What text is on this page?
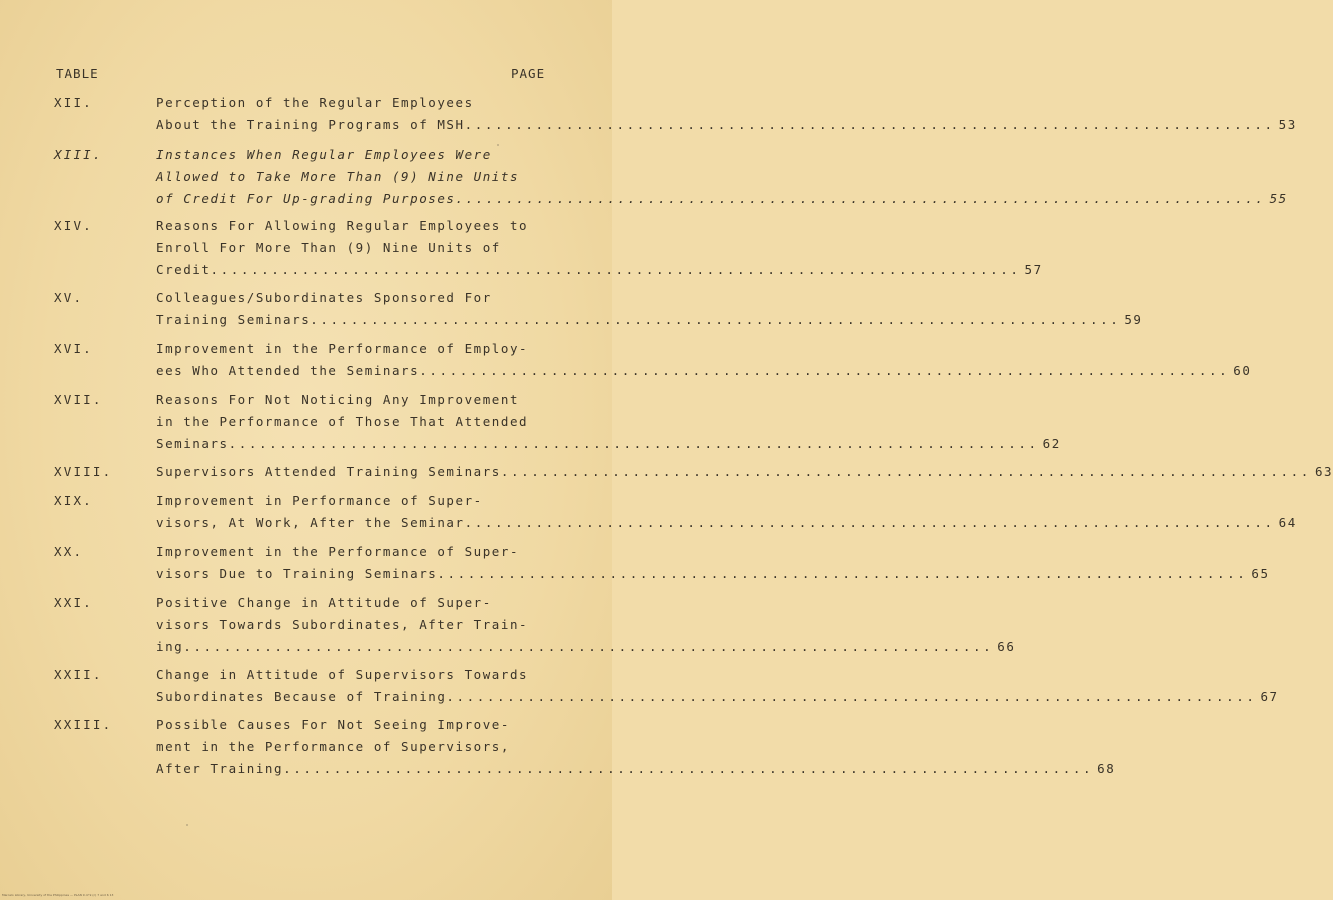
TABLE	PAGE
XII.	Perception of the Regular Employees
About the Training Programs of MSH ................................................................................ 53
XIII.	Instances When Regular Employees Were
Allowed to Take More Than (9) Nine Units
of Credit For Up-grading Purposes ................................................................................ 55
XIV.	Reasons For Allowing Regular Employees to
Enroll For More Than (9) Nine Units of
Credit ................................................................................ 57
XV.	Colleagues/Subordinates Sponsored For
Training Seminars ................................................................................ 59
XVI.	Improvement in the Performance of Employ-
ees Who Attended the Seminars ................................................................................ 60
XVII.	Reasons For Not Noticing Any Improvement
in the Performance of Those That Attended
Seminars ................................................................................ 62
XVIII.	Supervisors Attended Training Seminars ................................................................................ 63
XIX.	Improvement in Performance of Super-
visors, At Work, After the Seminar ................................................................................ 64
XX.	Improvement in the Performance of Super-
visors Due to Training Seminars ................................................................................ 65
XXI.	Positive Change in Attitude of Super-
visors Towards Subordinates, After Train-
ing ................................................................................ 66
XXII.	Change in Attitude of Supervisors Towards
Subordinates Because of Training ................................................................................ 67
XXIII.	Possible Causes For Not Seeing Improve-
ment in the Performance of Supervisors,
After Training ................................................................................ 68
Marcelo Library, University of the Philippines — PLAN 9 of 9 (c) 7 and 6 13
